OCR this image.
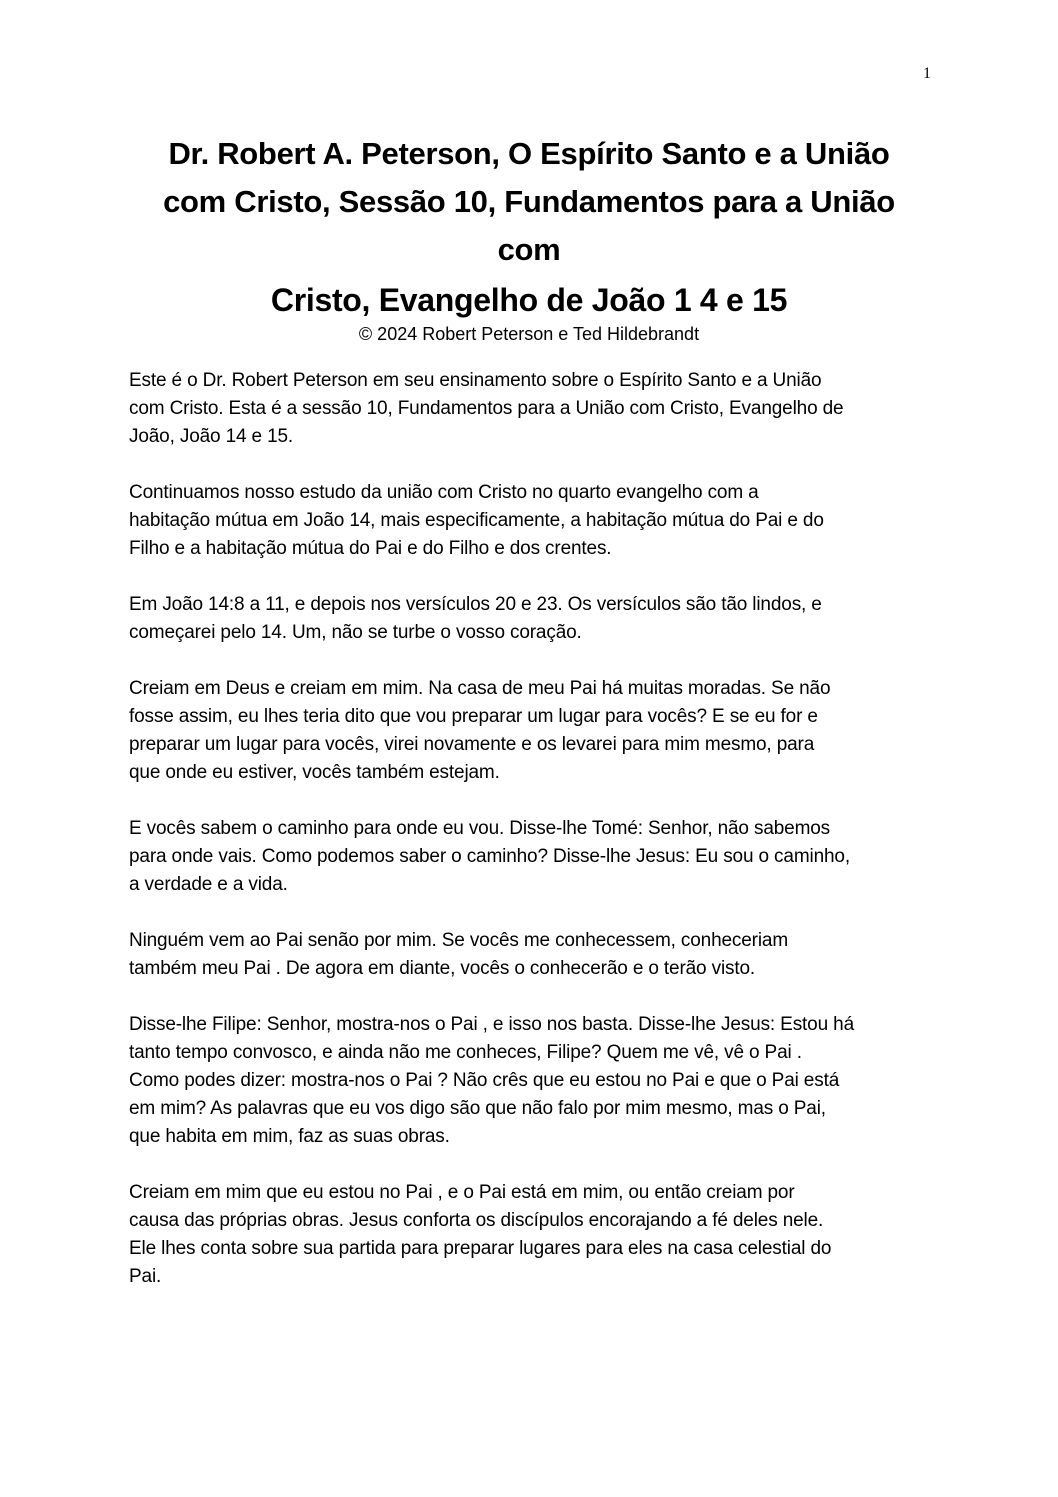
1
Dr. Robert A. Peterson, O Espírito Santo e a União
com Cristo, Sessão 10, Fundamentos para a União
com
Cristo, Evangelho de João 1 4 e 15
© 2024 Robert Peterson e Ted Hildebrandt

Este é o Dr. Robert Peterson em seu ensinamento sobre o Espírito Santo e a União
com Cristo. Esta é a sessão 10, Fundamentos para a União com Cristo, Evangelho de
João, João 14 e 15.

Continuamos nosso estudo da união com Cristo no quarto evangelho com a
habitação mútua em João 14, mais especificamente, a habitação mútua do Pai e do
Filho e a habitação mútua do Pai e do Filho e dos crentes.

Em João 14:8 a 11, e depois nos versículos 20 e 23. Os versículos são tão lindos, e
começarei pelo 14. Um, não se turbe o vosso coração.

Creiam em Deus e creiam em mim. Na casa de meu Pai há muitas moradas. Se não
fosse assim, eu lhes teria dito que vou preparar um lugar para vocês? E se eu for e
preparar um lugar para vocês, virei novamente e os levarei para mim mesmo, para
que onde eu estiver, vocês também estejam.

E vocês sabem o caminho para onde eu vou. Disse-lhe Tomé: Senhor, não sabemos
para onde vais. Como podemos saber o caminho? Disse-lhe Jesus: Eu sou o caminho,
a verdade e a vida.

Ninguém vem ao Pai senão por mim. Se vocês me conhecessem, conheceriam
também meu Pai . De agora em diante, vocês o conhecerão e o terão visto.

Disse-lhe Filipe: Senhor, mostra-nos o Pai , e isso nos basta. Disse-lhe Jesus: Estou há
tanto tempo convosco, e ainda não me conheces, Filipe? Quem me vê, vê o Pai .
Como podes dizer: mostra-nos o Pai ? Não crês que eu estou no Pai e que o Pai está
em mim? As palavras que eu vos digo são que não falo por mim mesmo, mas o Pai,
que habita em mim, faz as suas obras.

Creiam em mim que eu estou no Pai , e o Pai está em mim, ou então creiam por
causa das próprias obras. Jesus conforta os discípulos encorajando a fé deles nele.
Ele lhes conta sobre sua partida para preparar lugares para eles na casa celestial do
Pai.
